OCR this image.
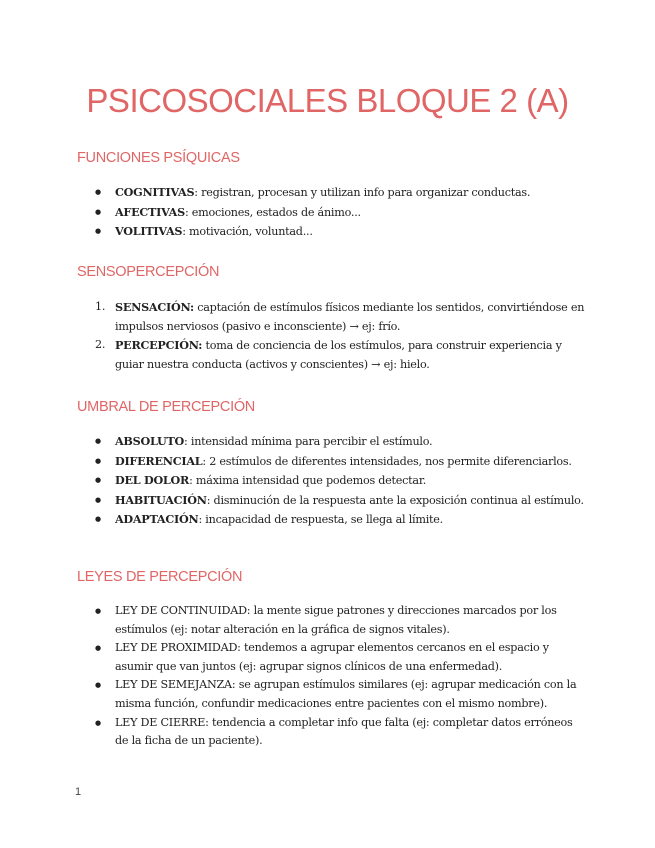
PSICOSOCIALES BLOQUE 2 (A)
FUNCIONES PSÍQUICAS
● COGNITIVAS: registran, procesan y utilizan info para organizar conductas.
● AFECTIVAS: emociones, estados de ánimo...
● VOLITIVAS: motivación, voluntad...
SENSOPERCEPCIÓN
1. SENSACIÓN: captación de estímulos físicos mediante los sentidos, convirtiéndose en impulsos nerviosos (pasivo e inconsciente) → ej: frío.
2. PERCEPCIÓN: toma de conciencia de los estímulos, para construir experiencia y guiar nuestra conducta (activos y conscientes) → ej: hielo.
UMBRAL DE PERCEPCIÓN
● ABSOLUTO: intensidad mínima para percibir el estímulo.
● DIFERENCIAL: 2 estímulos de diferentes intensidades, nos permite diferenciarlos.
● DEL DOLOR: máxima intensidad que podemos detectar.
● HABITUACIÓN: disminución de la respuesta ante la exposición continua al estímulo.
● ADAPTACIÓN: incapacidad de respuesta, se llega al límite.
LEYES DE PERCEPCIÓN
● LEY DE CONTINUIDAD: la mente sigue patrones y direcciones marcados por los estímulos (ej: notar alteración en la gráfica de signos vitales).
● LEY DE PROXIMIDAD: tendemos a agrupar elementos cercanos en el espacio y asumir que van juntos (ej: agrupar signos clínicos de una enfermedad).
● LEY DE SEMEJANZA: se agrupan estímulos similares (ej: agrupar medicación con la misma función, confundir medicaciones entre pacientes con el mismo nombre).
● LEY DE CIERRE: tendencia a completar info que falta (ej: completar datos erróneos de la ficha de un paciente).
1
